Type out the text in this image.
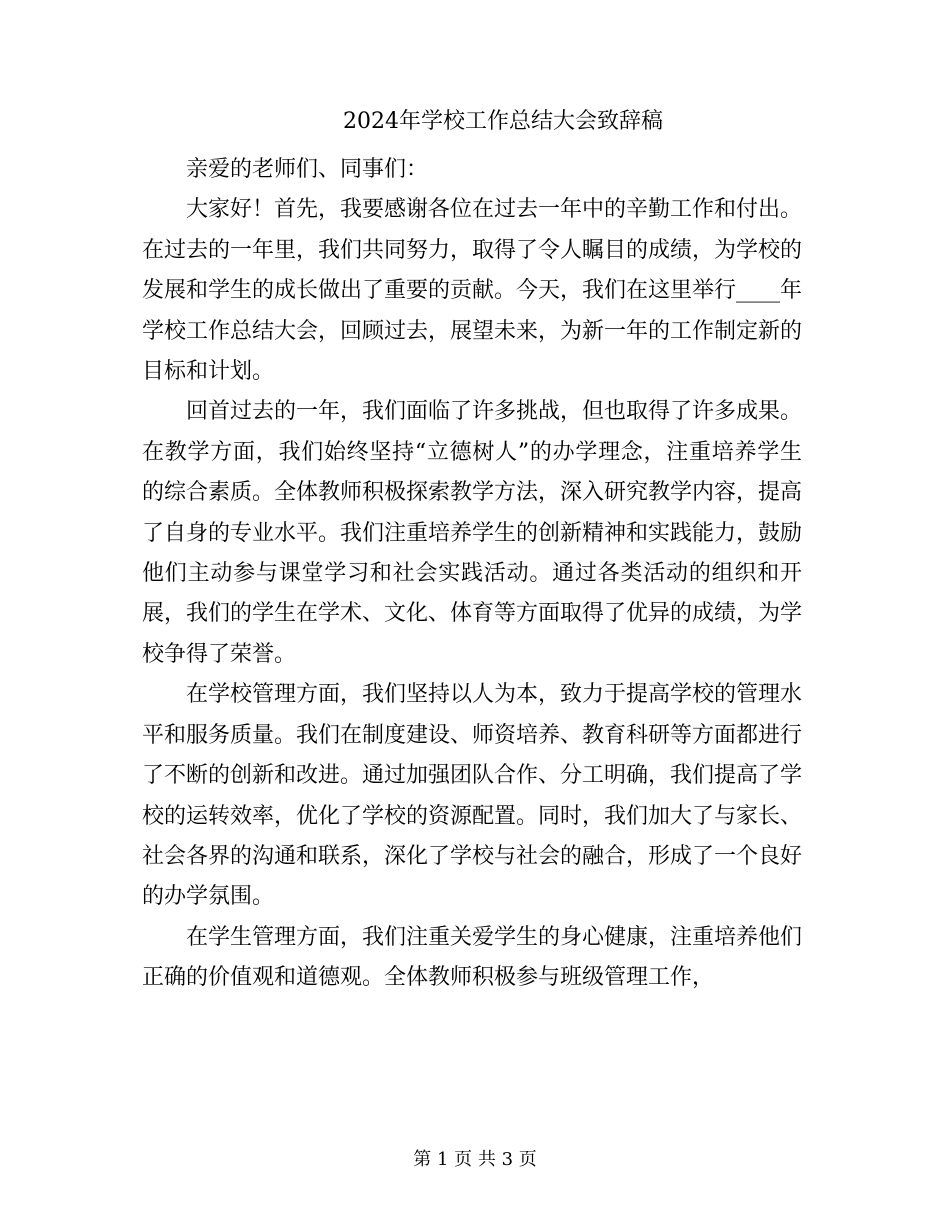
2024年学校工作总结大会致辞稿

亲爱的老师们、同事们：

大家好！首先，我要感谢各位在过去一年中的辛勤工作和付出。在过去的一年里，我们共同努力，取得了令人瞩目的成绩，为学校的发展和学生的成长做出了重要的贡献。今天，我们在这里举行____年学校工作总结大会，回顾过去，展望未来，为新一年的工作制定新的目标和计划。

回首过去的一年，我们面临了许多挑战，但也取得了许多成果。在教学方面，我们始终坚持“立德树人”的办学理念，注重培养学生的综合素质。全体教师积极探索教学方法，深入研究教学内容，提高了自身的专业水平。我们注重培养学生的创新精神和实践能力，鼓励他们主动参与课堂学习和社会实践活动。通过各类活动的组织和开展，我们的学生在学术、文化、体育等方面取得了优异的成绩，为学校争得了荣誉。

在学校管理方面，我们坚持以人为本，致力于提高学校的管理水平和服务质量。我们在制度建设、师资培养、教育科研等方面都进行了不断的创新和改进。通过加强团队合作、分工明确，我们提高了学校的运转效率，优化了学校的资源配置。同时，我们加大了与家长、社会各界的沟通和联系，深化了学校与社会的融合，形成了一个良好的办学氛围。

在学生管理方面，我们注重关爱学生的身心健康，注重培养他们正确的价值观和道德观。全体教师积极参与班级管理工作，

第 1 页 共 3 页
